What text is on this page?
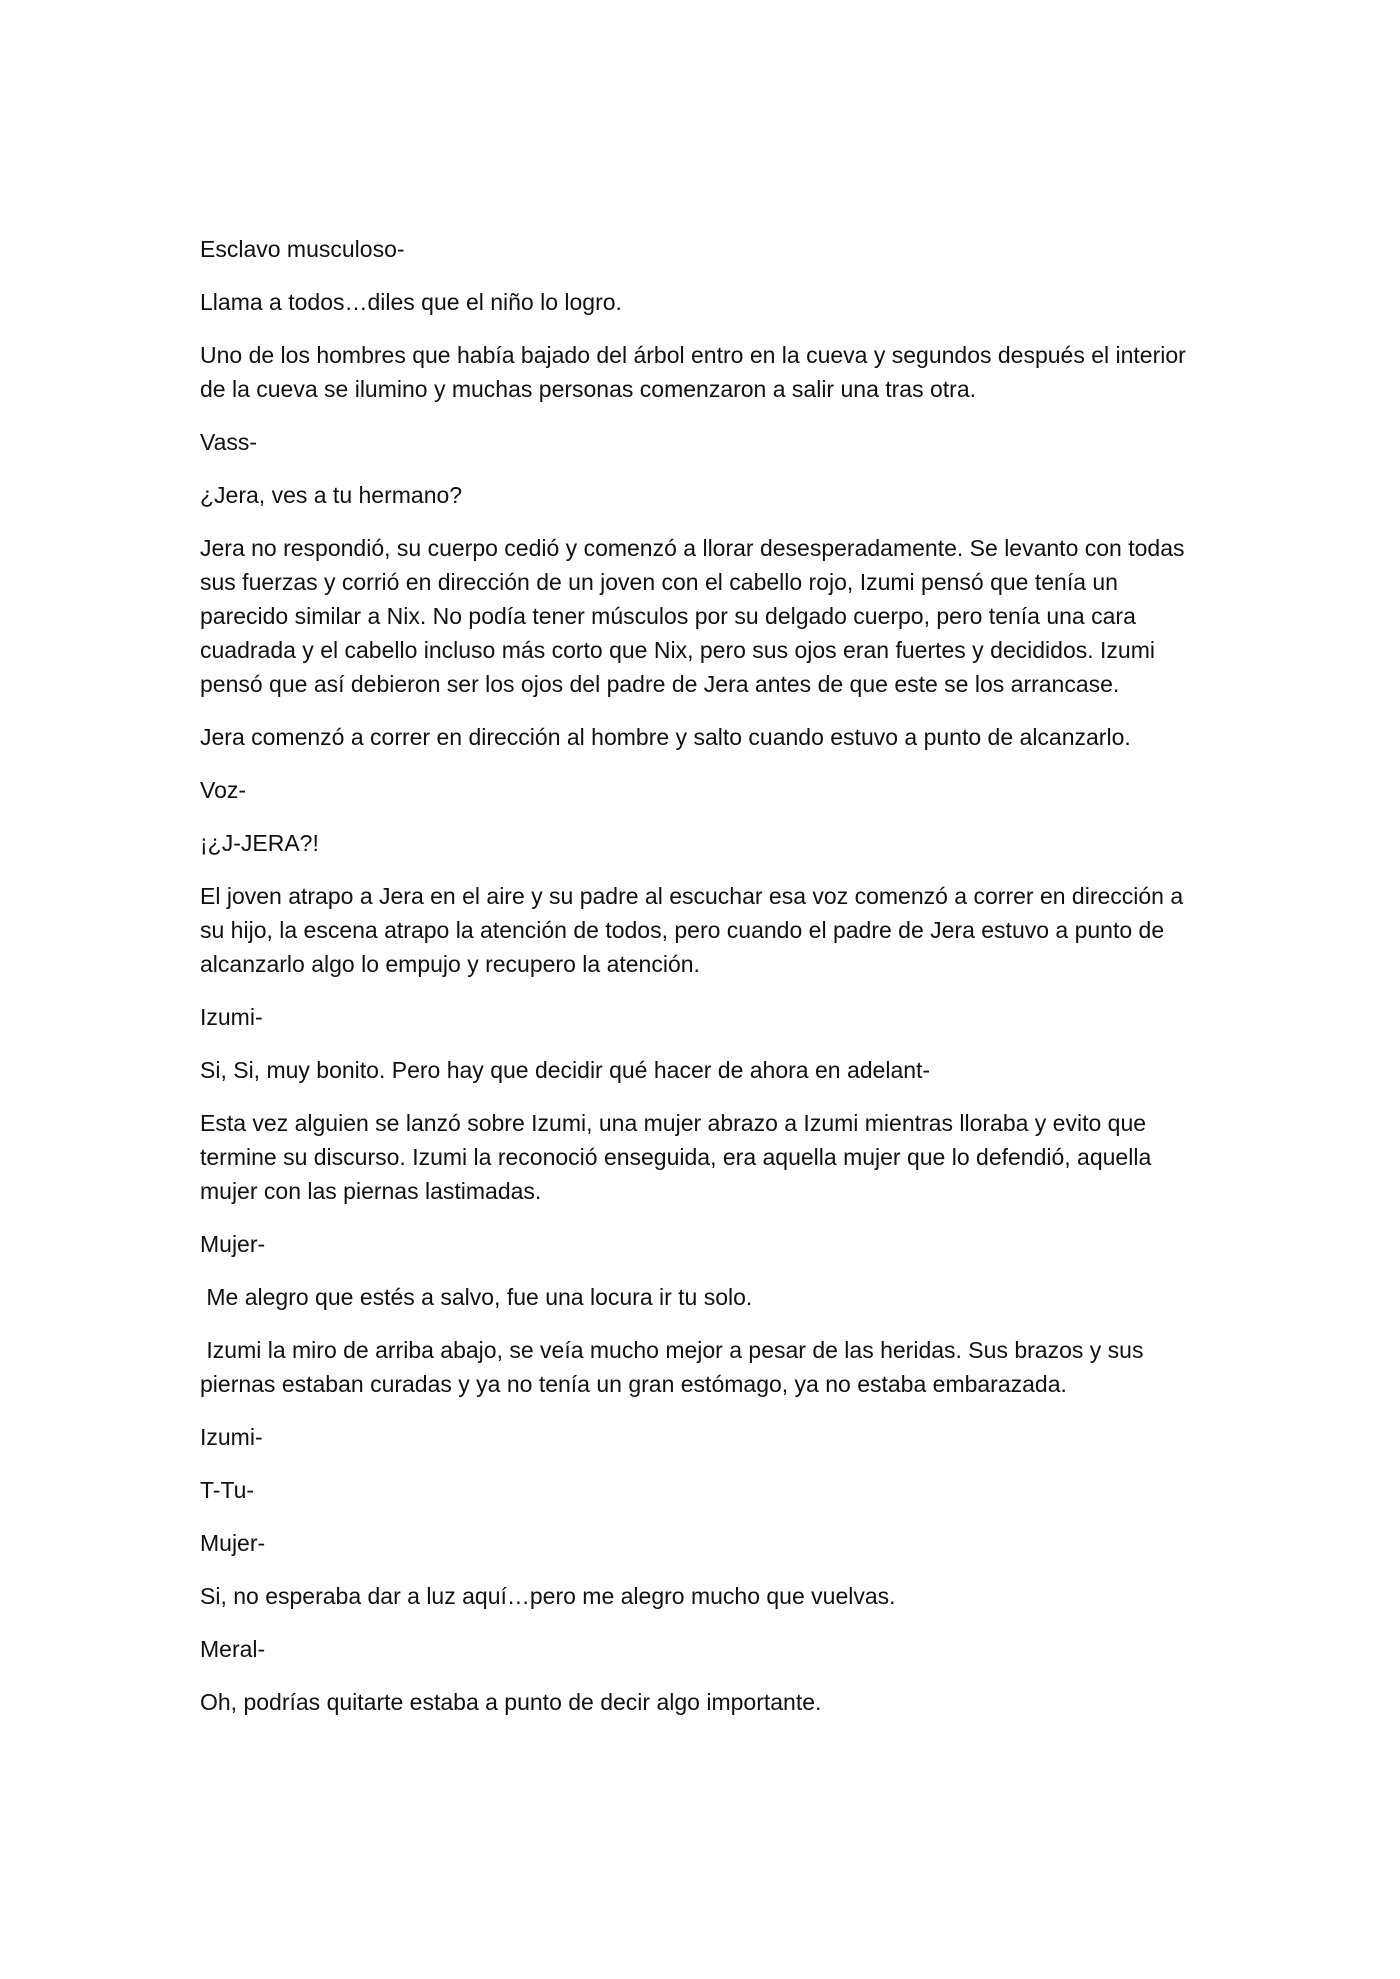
Esclavo musculoso-

Llama a todos…diles que el niño lo logro.

Uno de los hombres que había bajado del árbol entro en la cueva y segundos después el interior de la cueva se ilumino y muchas personas comenzaron a salir una tras otra.

Vass-

¿Jera, ves a tu hermano?

Jera no respondió, su cuerpo cedió y comenzó a llorar desesperadamente. Se levanto con todas sus fuerzas y corrió en dirección de un joven con el cabello rojo, Izumi pensó que tenía un parecido similar a Nix. No podía tener músculos por su delgado cuerpo, pero tenía una cara cuadrada y el cabello incluso más corto que Nix, pero sus ojos eran fuertes y decididos. Izumi pensó que así debieron ser los ojos del padre de Jera antes de que este se los arrancase.

Jera comenzó a correr en dirección al hombre y salto cuando estuvo a punto de alcanzarlo.

Voz-

¡¿J-JERA?!

El joven atrapo a Jera en el aire y su padre al escuchar esa voz comenzó a correr en dirección a su hijo, la escena atrapo la atención de todos, pero cuando el padre de Jera estuvo a punto de alcanzarlo algo lo empujo y recupero la atención.

Izumi-

Si, Si, muy bonito. Pero hay que decidir qué hacer de ahora en adelant-

Esta vez alguien se lanzó sobre Izumi, una mujer abrazo a Izumi mientras lloraba y evito que termine su discurso. Izumi la reconoció enseguida, era aquella mujer que lo defendió, aquella mujer con las piernas lastimadas.

Mujer-

Me alegro que estés a salvo, fue una locura ir tu solo.

Izumi la miro de arriba abajo, se veía mucho mejor a pesar de las heridas. Sus brazos y sus piernas estaban curadas y ya no tenía un gran estómago, ya no estaba embarazada.

Izumi-

T-Tu-

Mujer-

Si, no esperaba dar a luz aquí…pero me alegro mucho que vuelvas.

Meral-

Oh, podrías quitarte estaba a punto de decir algo importante.
